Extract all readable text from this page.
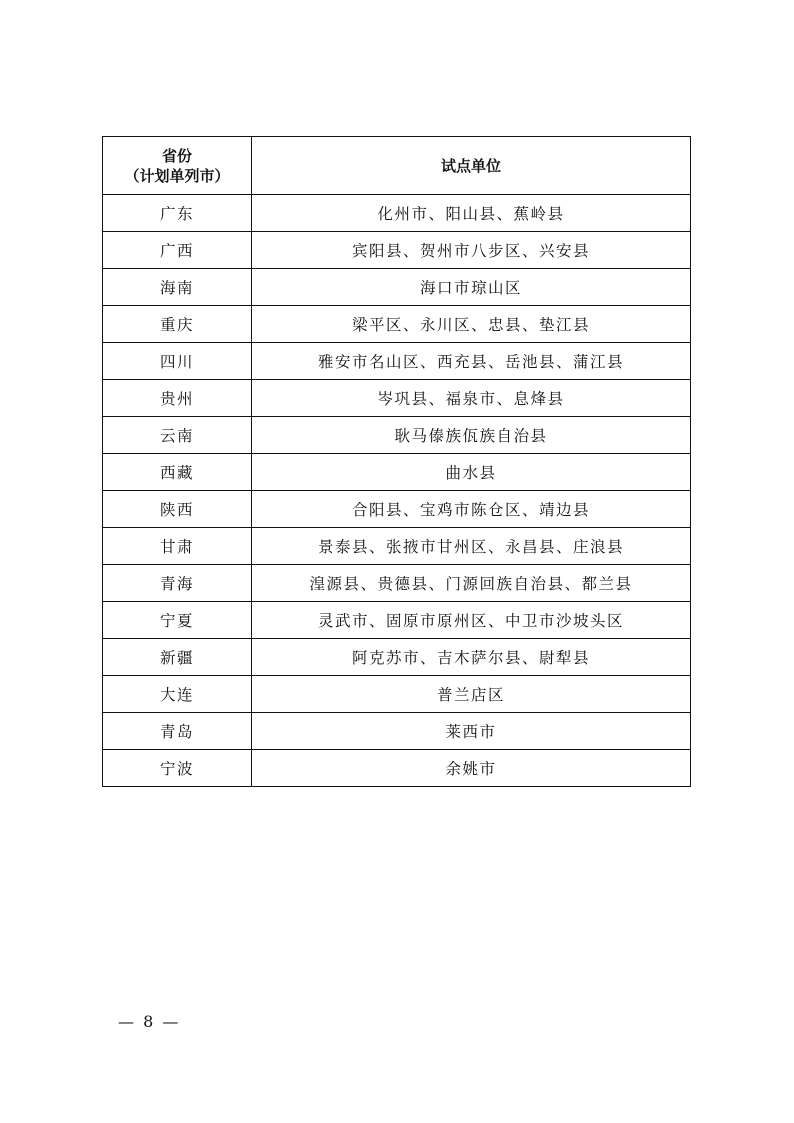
省份
（计划单列市）	试点单位
广东	化州市、阳山县、蕉岭县
广西	宾阳县、贺州市八步区、兴安县
海南	海口市琼山区
重庆	梁平区、永川区、忠县、垫江县
四川	雅安市名山区、西充县、岳池县、蒲江县
贵州	岑巩县、福泉市、息烽县
云南	耿马傣族佤族自治县
西藏	曲水县
陕西	合阳县、宝鸡市陈仓区、靖边县
甘肃	景泰县、张掖市甘州区、永昌县、庄浪县
青海	湟源县、贵德县、门源回族自治县、都兰县
宁夏	灵武市、固原市原州区、中卫市沙坡头区
新疆	阿克苏市、吉木萨尔县、尉犁县
大连	普兰店区
青岛	莱西市
宁波	余姚市
— 8 —
